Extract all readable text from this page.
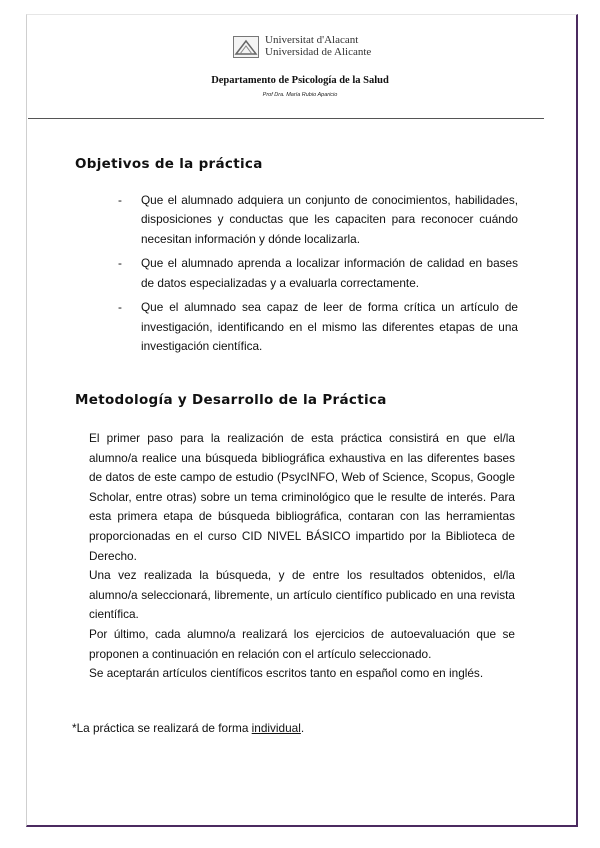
Universitat d'Alacant
Universidad de Alicante
Departamento de Psicología de la Salud
Prof Dra. María Rubio Aparicio
Objetivos de la práctica
- Que el alumnado adquiera un conjunto de conocimientos, habilidades, disposiciones y conductas que les capaciten para reconocer cuándo necesitan información y dónde localizarla.
- Que el alumnado aprenda a localizar información de calidad en bases de datos especializadas y a evaluarla correctamente.
- Que el alumnado sea capaz de leer de forma crítica un artículo de investigación, identificando en el mismo las diferentes etapas de una investigación científica.
Metodología y Desarrollo de la Práctica

El primer paso para la realización de esta práctica consistirá en que el/la alumno/a realice una búsqueda bibliográfica exhaustiva en las diferentes bases de datos de este campo de estudio (PsycINFO, Web of Science, Scopus, Google Scholar, entre otras) sobre un tema criminológico que le resulte de interés. Para esta primera etapa de búsqueda bibliográfica, contaran con las herramientas proporcionadas en el curso CID NIVEL BÁSICO impartido por la Biblioteca de Derecho.

Una vez realizada la búsqueda, y de entre los resultados obtenidos, el/la alumno/a seleccionará, libremente, un artículo científico publicado en una revista científica.

Por último, cada alumno/a realizará los ejercicios de autoevaluación que se proponen a continuación en relación con el artículo seleccionado.

Se aceptarán artículos científicos escritos tanto en español como en inglés.

*La práctica se realizará de forma individual.
